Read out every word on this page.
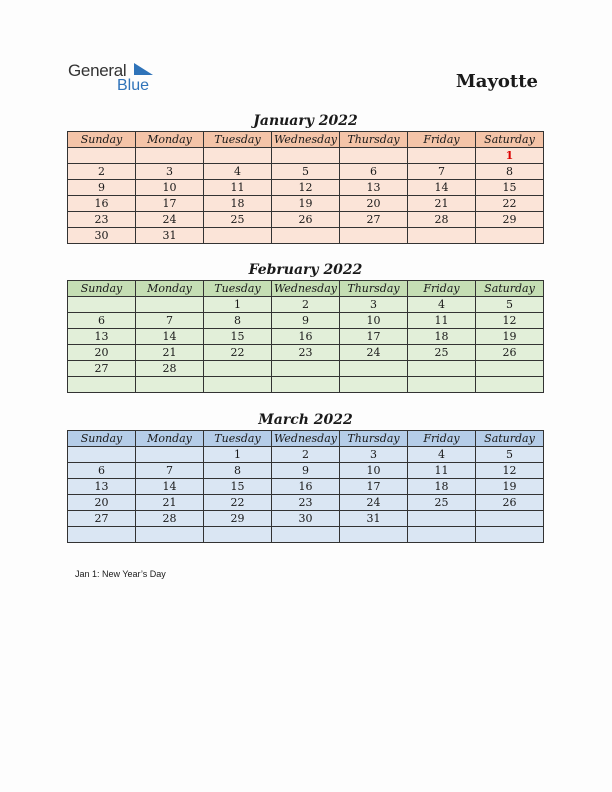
General
Blue	Mayotte
January 2022
Sunday	Monday	Tuesday	Wednesday	Thursday	Friday	Saturday
						1
2	3	4	5	6	7	8
9	10	11	12	13	14	15
16	17	18	19	20	21	22
23	24	25	26	27	28	29
30	31					
February 2022
Sunday	Monday	Tuesday	Wednesday	Thursday	Friday	Saturday
		1	2	3	4	5
6	7	8	9	10	11	12
13	14	15	16	17	18	19
20	21	22	23	24	25	26
27	28					

March 2022
Sunday	Monday	Tuesday	Wednesday	Thursday	Friday	Saturday
		1	2	3	4	5
6	7	8	9	10	11	12
13	14	15	16	17	18	19
20	21	22	23	24	25	26
27	28	29	30	31		

Jan 1: New Year’s Day
